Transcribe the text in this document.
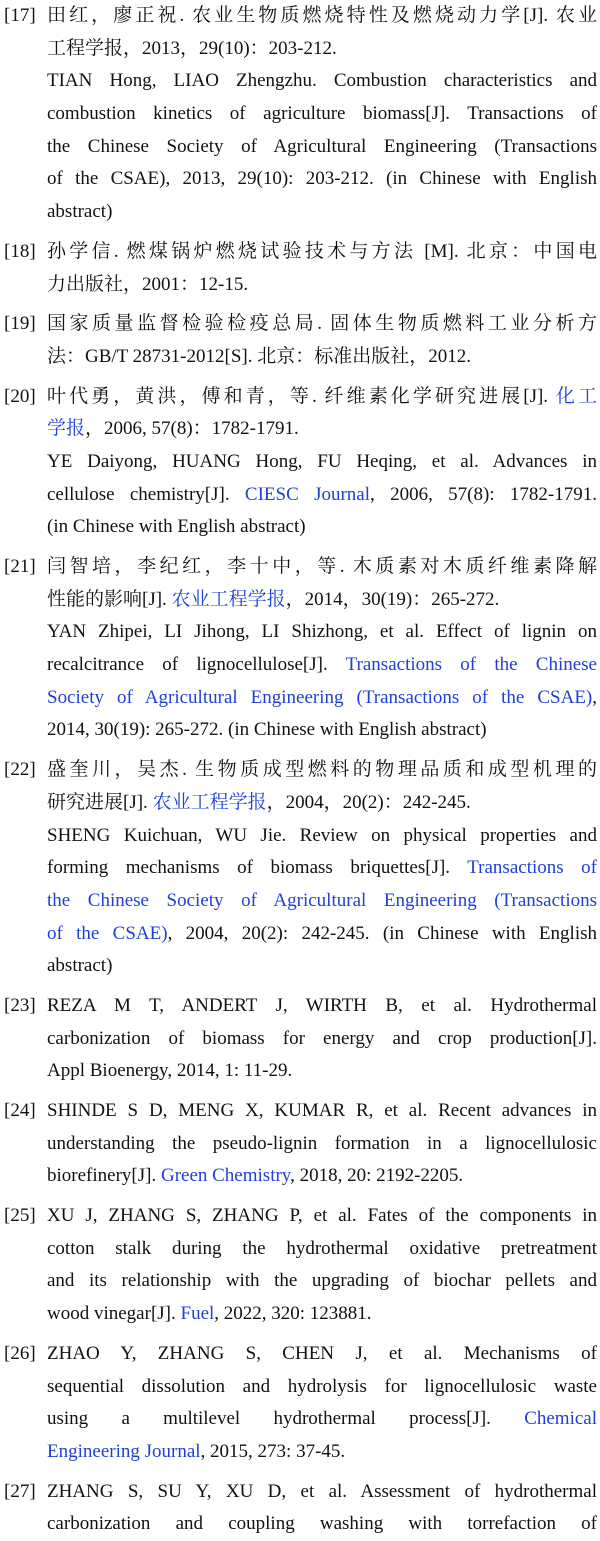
[17] 田红，廖正祝. 农业生物质燃烧特性及燃烧动力学[J]. 农业
工程学报，2013，29(10)：203-212.
TIAN Hong, LIAO Zhengzhu. Combustion characteristics and
combustion kinetics of agriculture biomass[J]. Transactions of
the Chinese Society of Agricultural Engineering (Transactions
of the CSAE), 2013, 29(10): 203-212. (in Chinese with English
abstract)
[18] 孙学信. 燃煤锅炉燃烧试验技术与方法 [M]. 北京：中国电
力出版社，2001：12-15.
[19] 国家质量监督检验检疫总局. 固体生物质燃料工业分析方
法：GB/T 28731-2012[S]. 北京：标准出版社，2012.
[20] 叶代勇，黄洪，傅和青，等. 纤维素化学研究进展[J]. 化工
学报，2006, 57(8)：1782-1791.
YE Daiyong, HUANG Hong, FU Heqing, et al. Advances in
cellulose chemistry[J]. CIESC Journal, 2006, 57(8): 1782-1791.
(in Chinese with English abstract)
[21] 闫智培，李纪红，李十中，等. 木质素对木质纤维素降解
性能的影响[J]. 农业工程学报，2014，30(19)：265-272.
YAN Zhipei, LI Jihong, LI Shizhong, et al. Effect of lignin on
recalcitrance of lignocellulose[J]. Transactions of the Chinese
Society of Agricultural Engineering (Transactions of the CSAE),
2014, 30(19): 265-272. (in Chinese with English abstract)
[22] 盛奎川，吴杰. 生物质成型燃料的物理品质和成型机理的
研究进展[J]. 农业工程学报，2004，20(2)：242-245.
SHENG Kuichuan, WU Jie. Review on physical properties and
forming mechanisms of biomass briquettes[J]. Transactions of
the Chinese Society of Agricultural Engineering (Transactions
of the CSAE), 2004, 20(2): 242-245. (in Chinese with English
abstract)
[23] REZA M T, ANDERT J, WIRTH B, et al. Hydrothermal
carbonization of biomass for energy and crop production[J].
Appl Bioenergy, 2014, 1: 11-29.
[24] SHINDE S D, MENG X, KUMAR R, et al. Recent advances in
understanding the pseudo-lignin formation in a lignocellulosic
biorefinery[J]. Green Chemistry, 2018, 20: 2192-2205.
[25] XU J, ZHANG S, ZHANG P, et al. Fates of the components in
cotton stalk during the hydrothermal oxidative pretreatment
and its relationship with the upgrading of biochar pellets and
wood vinegar[J]. Fuel, 2022, 320: 123881.
[26] ZHAO Y, ZHANG S, CHEN J, et al. Mechanisms of
sequential dissolution and hydrolysis for lignocellulosic waste
using a multilevel hydrothermal process[J]. Chemical
Engineering Journal, 2015, 273: 37-45.
[27] ZHANG S, SU Y, XU D, et al. Assessment of hydrothermal
carbonization and coupling washing with torrefaction of
